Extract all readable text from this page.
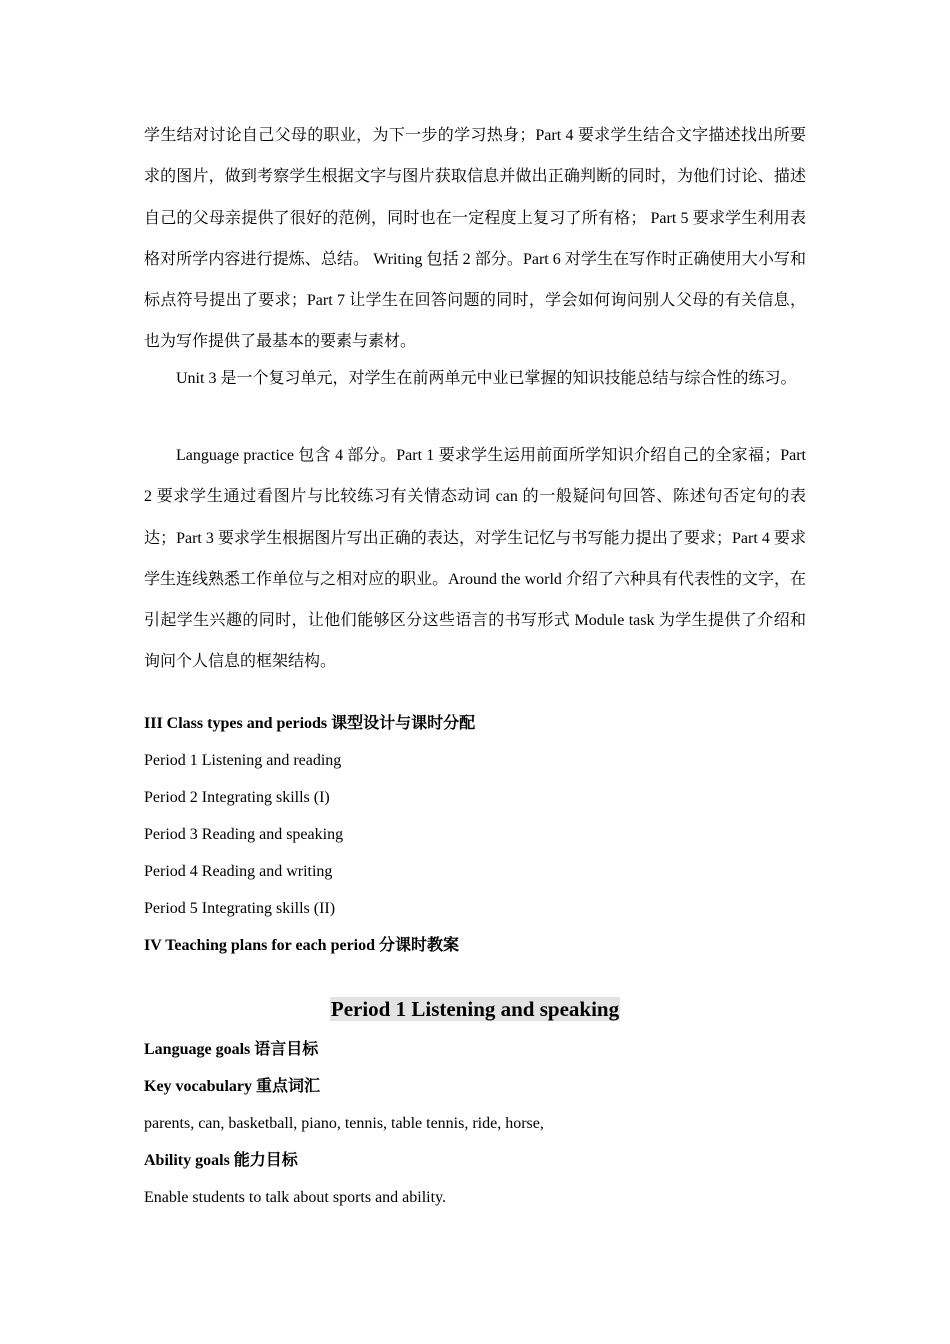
学生结对讨论自己父母的职业，为下一步的学习热身；Part 4 要求学生结合文字描述找出所要求的图片，做到考察学生根据文字与图片获取信息并做出正确判断的同时，为他们讨论、描述自己的父母亲提供了很好的范例，同时也在一定程度上复习了所有格； Part 5 要求学生利用表格对所学内容进行提炼、总结。 Writing 包括 2 部分。Part 6 对学生在写作时正确使用大小写和标点符号提出了要求；Part 7 让学生在回答问题的同时，学会如何询问别人父母的有关信息，也为写作提供了最基本的要素与素材。

Unit 3 是一个复习单元，对学生在前两单元中业已掌握的知识技能总结与综合性的练习。

Language practice 包含 4 部分。Part 1 要求学生运用前面所学知识介绍自己的全家福；Part 2 要求学生通过看图片与比较练习有关情态动词 can 的一般疑问句回答、陈述句否定句的表达；Part 3 要求学生根据图片写出正确的表达，对学生记忆与书写能力提出了要求；Part 4 要求学生连线熟悉工作单位与之相对应的职业。Around the world 介绍了六种具有代表性的文字，在引起学生兴趣的同时，让他们能够区分这些语言的书写形式 Module task 为学生提供了介绍和询问个人信息的框架结构。

III Class types and periods 课型设计与课时分配
Period 1 Listening and reading
Period 2 Integrating skills (I)
Period 3 Reading and speaking
Period 4 Reading and writing
Period 5 Integrating skills (II)
IV Teaching plans for each period 分课时教案
Period 1 Listening and speaking
Language goals 语言目标
Key vocabulary 重点词汇
parents, can, basketball, piano, tennis, table tennis, ride, horse,
Ability goals 能力目标
Enable students to talk about sports and ability.
